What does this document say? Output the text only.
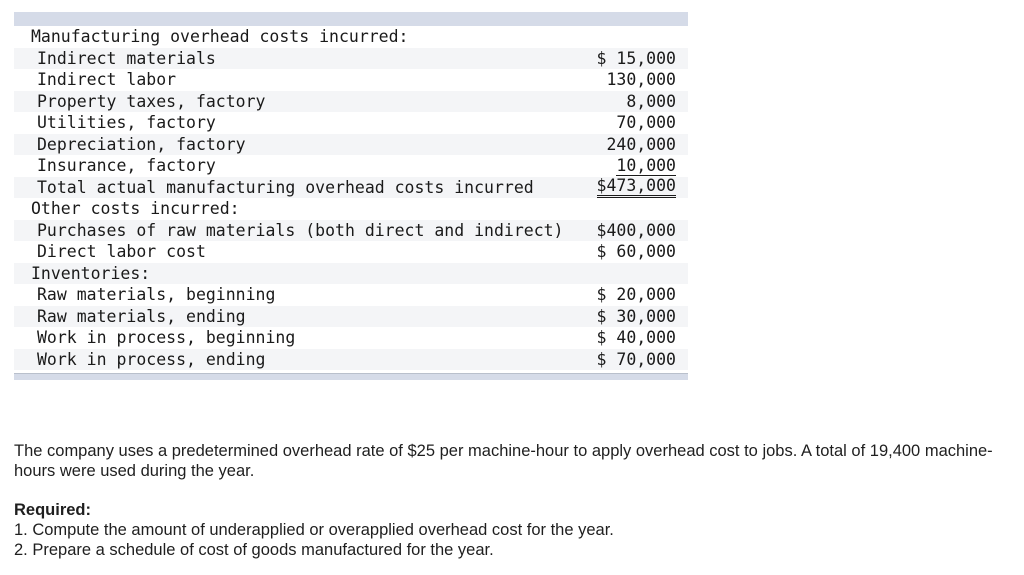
Manufacturing overhead costs incurred:
Indirect materials	$ 15,000
Indirect labor	130,000
Property taxes, factory	8,000
Utilities, factory	70,000
Depreciation, factory	240,000
Insurance, factory	10,000
Total actual manufacturing overhead costs incurred	$473,000
Other costs incurred:
Purchases of raw materials (both direct and indirect) $400,000
Direct labor cost	$ 60,000
Inventories:
Raw materials, beginning	$ 20,000
Raw materials, ending	$ 30,000
Work in process, beginning	$ 40,000
Work in process, ending	$ 70,000
The company uses a predetermined overhead rate of $25 per machine-hour to apply overhead cost to jobs. A total of 19,400 machine-hours were used during the year.
Required:
1. Compute the amount of underapplied or overapplied overhead cost for the year.
2. Prepare a schedule of cost of goods manufactured for the year.
